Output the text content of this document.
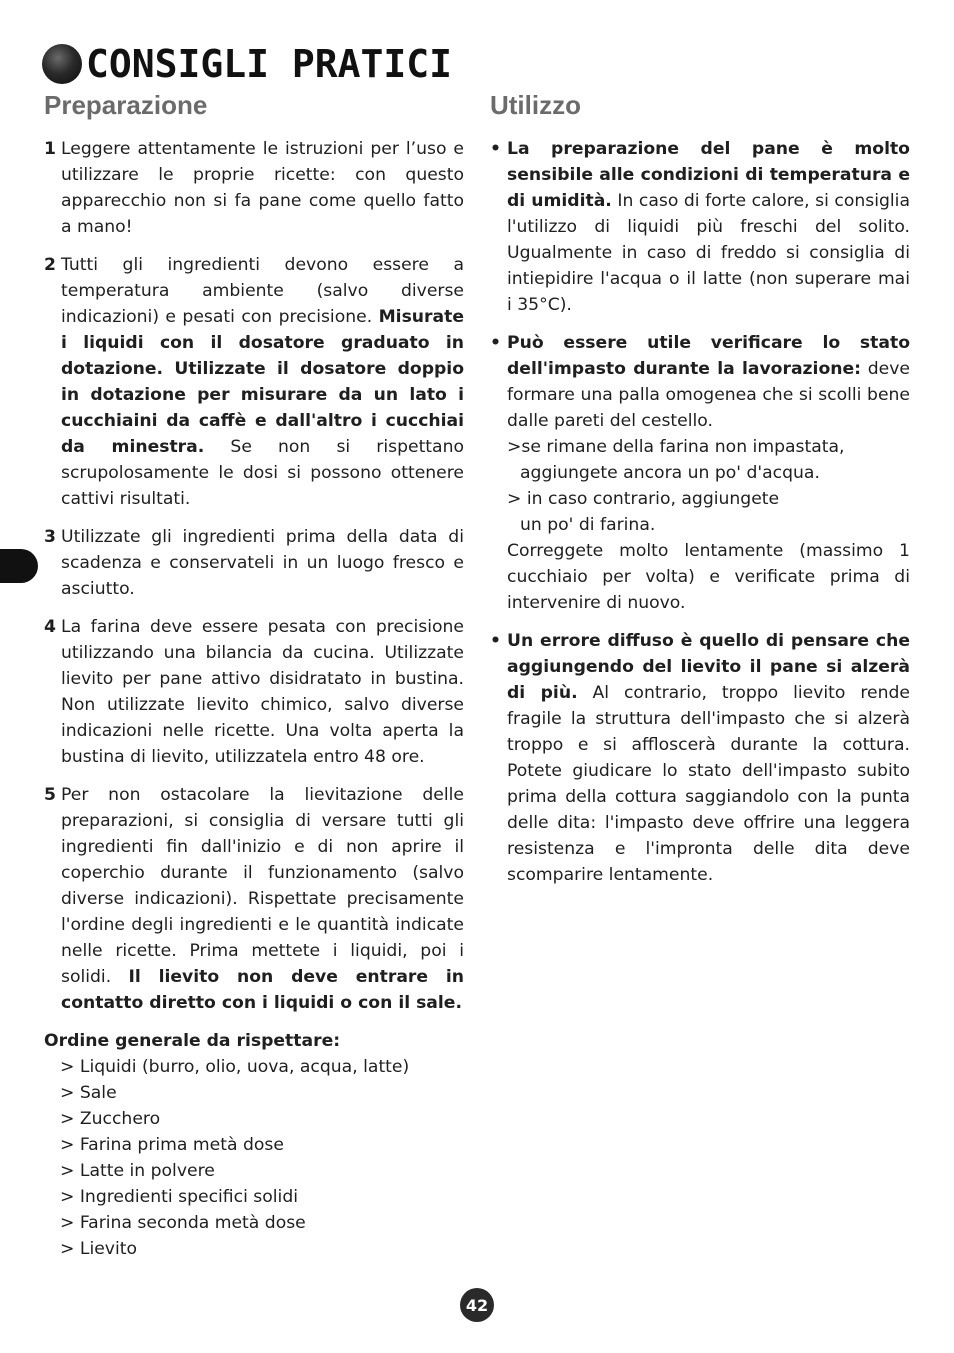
CONSIGLI PRATICI
Preparazione	Utilizzo
1 Leggere attentamente le istruzioni per l’uso e utilizzare le proprie ricette: con questo apparecchio non si fa pane come quello fatto a mano!
2 Tutti gli ingredienti devono essere a temperatura ambiente (salvo diverse indicazioni) e pesati con precisione. Misurate i liquidi con il dosatore graduato in dotazione. Utilizzate il dosatore doppio in dotazione per misurare da un lato i cucchiaini da caffè e dall'altro i cucchiai da minestra. Se non si rispettano scrupolosamente le dosi si possono ottenere cattivi risultati.
3 Utilizzate gli ingredienti prima della data di scadenza e conservateli in un luogo fresco e asciutto.
4 La farina deve essere pesata con precisione utilizzando una bilancia da cucina. Utilizzate lievito per pane attivo disidratato in bustina. Non utilizzate lievito chimico, salvo diverse indicazioni nelle ricette. Una volta aperta la bustina di lievito, utilizzatela entro 48 ore.
5 Per non ostacolare la lievitazione delle preparazioni, si consiglia di versare tutti gli ingredienti fin dall'inizio e di non aprire il coperchio durante il funzionamento (salvo diverse indicazioni). Rispettate precisamente l'ordine degli ingredienti e le quantità indicate nelle ricette. Prima mettete i liquidi, poi i solidi. Il lievito non deve entrare in contatto diretto con i liquidi o con il sale.
Ordine generale da rispettare:
> Liquidi (burro, olio, uova, acqua, latte)
> Sale
> Zucchero
> Farina prima metà dose
> Latte in polvere
> Ingredienti specifici solidi
> Farina seconda metà dose
> Lievito
• La preparazione del pane è molto sensibile alle condizioni di temperatura e di umidità. In caso di forte calore, si consiglia l'utilizzo di liquidi più freschi del solito. Ugualmente in caso di freddo si consiglia di intiepidire l'acqua o il latte (non superare mai i 35°C).
• Può essere utile verificare lo stato dell'impasto durante la lavorazione: deve formare una palla omogenea che si scolli bene dalle pareti del cestello.
>se rimane della farina non impastata,
aggiungete ancora un po' d'acqua.
> in caso contrario, aggiungete
un po' di farina.
Correggete molto lentamente (massimo 1 cucchiaio per volta) e verificate prima di intervenire di nuovo.
• Un errore diffuso è quello di pensare che aggiungendo del lievito il pane si alzerà di più. Al contrario, troppo lievito rende fragile la struttura dell'impasto che si alzerà troppo e si affloscerà durante la cottura. Potete giudicare lo stato dell'impasto subito prima della cottura saggiandolo con la punta delle dita: l'impasto deve offrire una leggera resistenza e l'impronta delle dita deve scomparire lentamente.
42
